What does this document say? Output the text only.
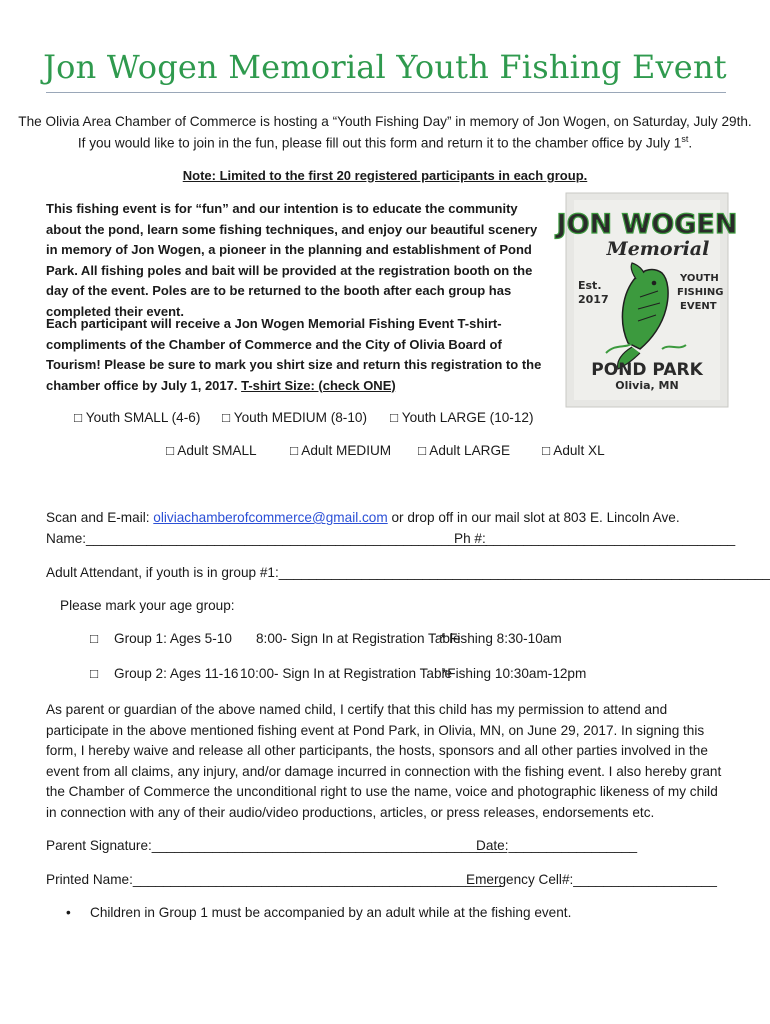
Jon Wogen Memorial Youth Fishing Event
The Olivia Area Chamber of Commerce is hosting a “Youth Fishing Day” in memory of Jon Wogen, on Saturday, July 29th.
If you would like to join in the fun, please fill out this form and return it to the chamber office by July 1st.
Note: Limited to the first 20 registered participants in each group.
This fishing event is for “fun” and our intention is to educate the community about the pond, learn some fishing techniques, and enjoy our beautiful scenery in memory of Jon Wogen, a pioneer in the planning and establishment of Pond Park. All fishing poles and bait will be provided at the registration booth on the day of the event. Poles are to be returned to the booth after each group has completed their event.
Each participant will receive a Jon Wogen Memorial Fishing Event T-shirt- compliments of the Chamber of Commerce and the City of Olivia Board of Tourism! Please be sure to mark you shirt size and return this registration to the chamber office by July 1, 2017. T-shirt Size: (check ONE)
JON WOGEN
Memorial
Est.
2017
YOUTH
FISHING
EVENT
POND PARK
Olivia, MN
□ Youth SMALL (4-6) □ Youth MEDIUM (8-10) □ Youth LARGE (10-12)
□ Adult SMALL □ Adult MEDIUM □ Adult LARGE □ Adult XL
Scan and E-mail: oliviachamberofcommerce@gmail.com or drop off in our mail slot at 803 E. Lincoln Ave.
Name:_____________________________________________________
Ph #:_________________________________
Adult Attendant, if youth is in group #1:_________________________________________________________________
Please mark your age group:
□ Group 1: Ages 5-10 8:00- Sign In at Registration Table
* Fishing 8:30-10am
□ Group 2: Ages 11-16 10:00- Sign In at Registration Table
*Fishing 10:30am-12pm
As parent or guardian of the above named child, I certify that this child has my permission to attend and participate in the above mentioned fishing event at Pond Park, in Olivia, MN, on June 29, 2017. In signing this form, I hereby waive and release all other participants, the hosts, sponsors and all other parties involved in the event from all claims, any injury, and/or damage incurred in connection with the fishing event. I also hereby grant the Chamber of Commerce the unconditional right to use the name, voice and photographic likeness of my child in connection with any of their audio/video productions, articles, or press releases, endorsements etc.
Parent Signature:_______________________________________________
Date:_________________
Printed Name:_________________________________________________
Emergency Cell#:___________________
• Children in Group 1 must be accompanied by an adult while at the fishing event.
